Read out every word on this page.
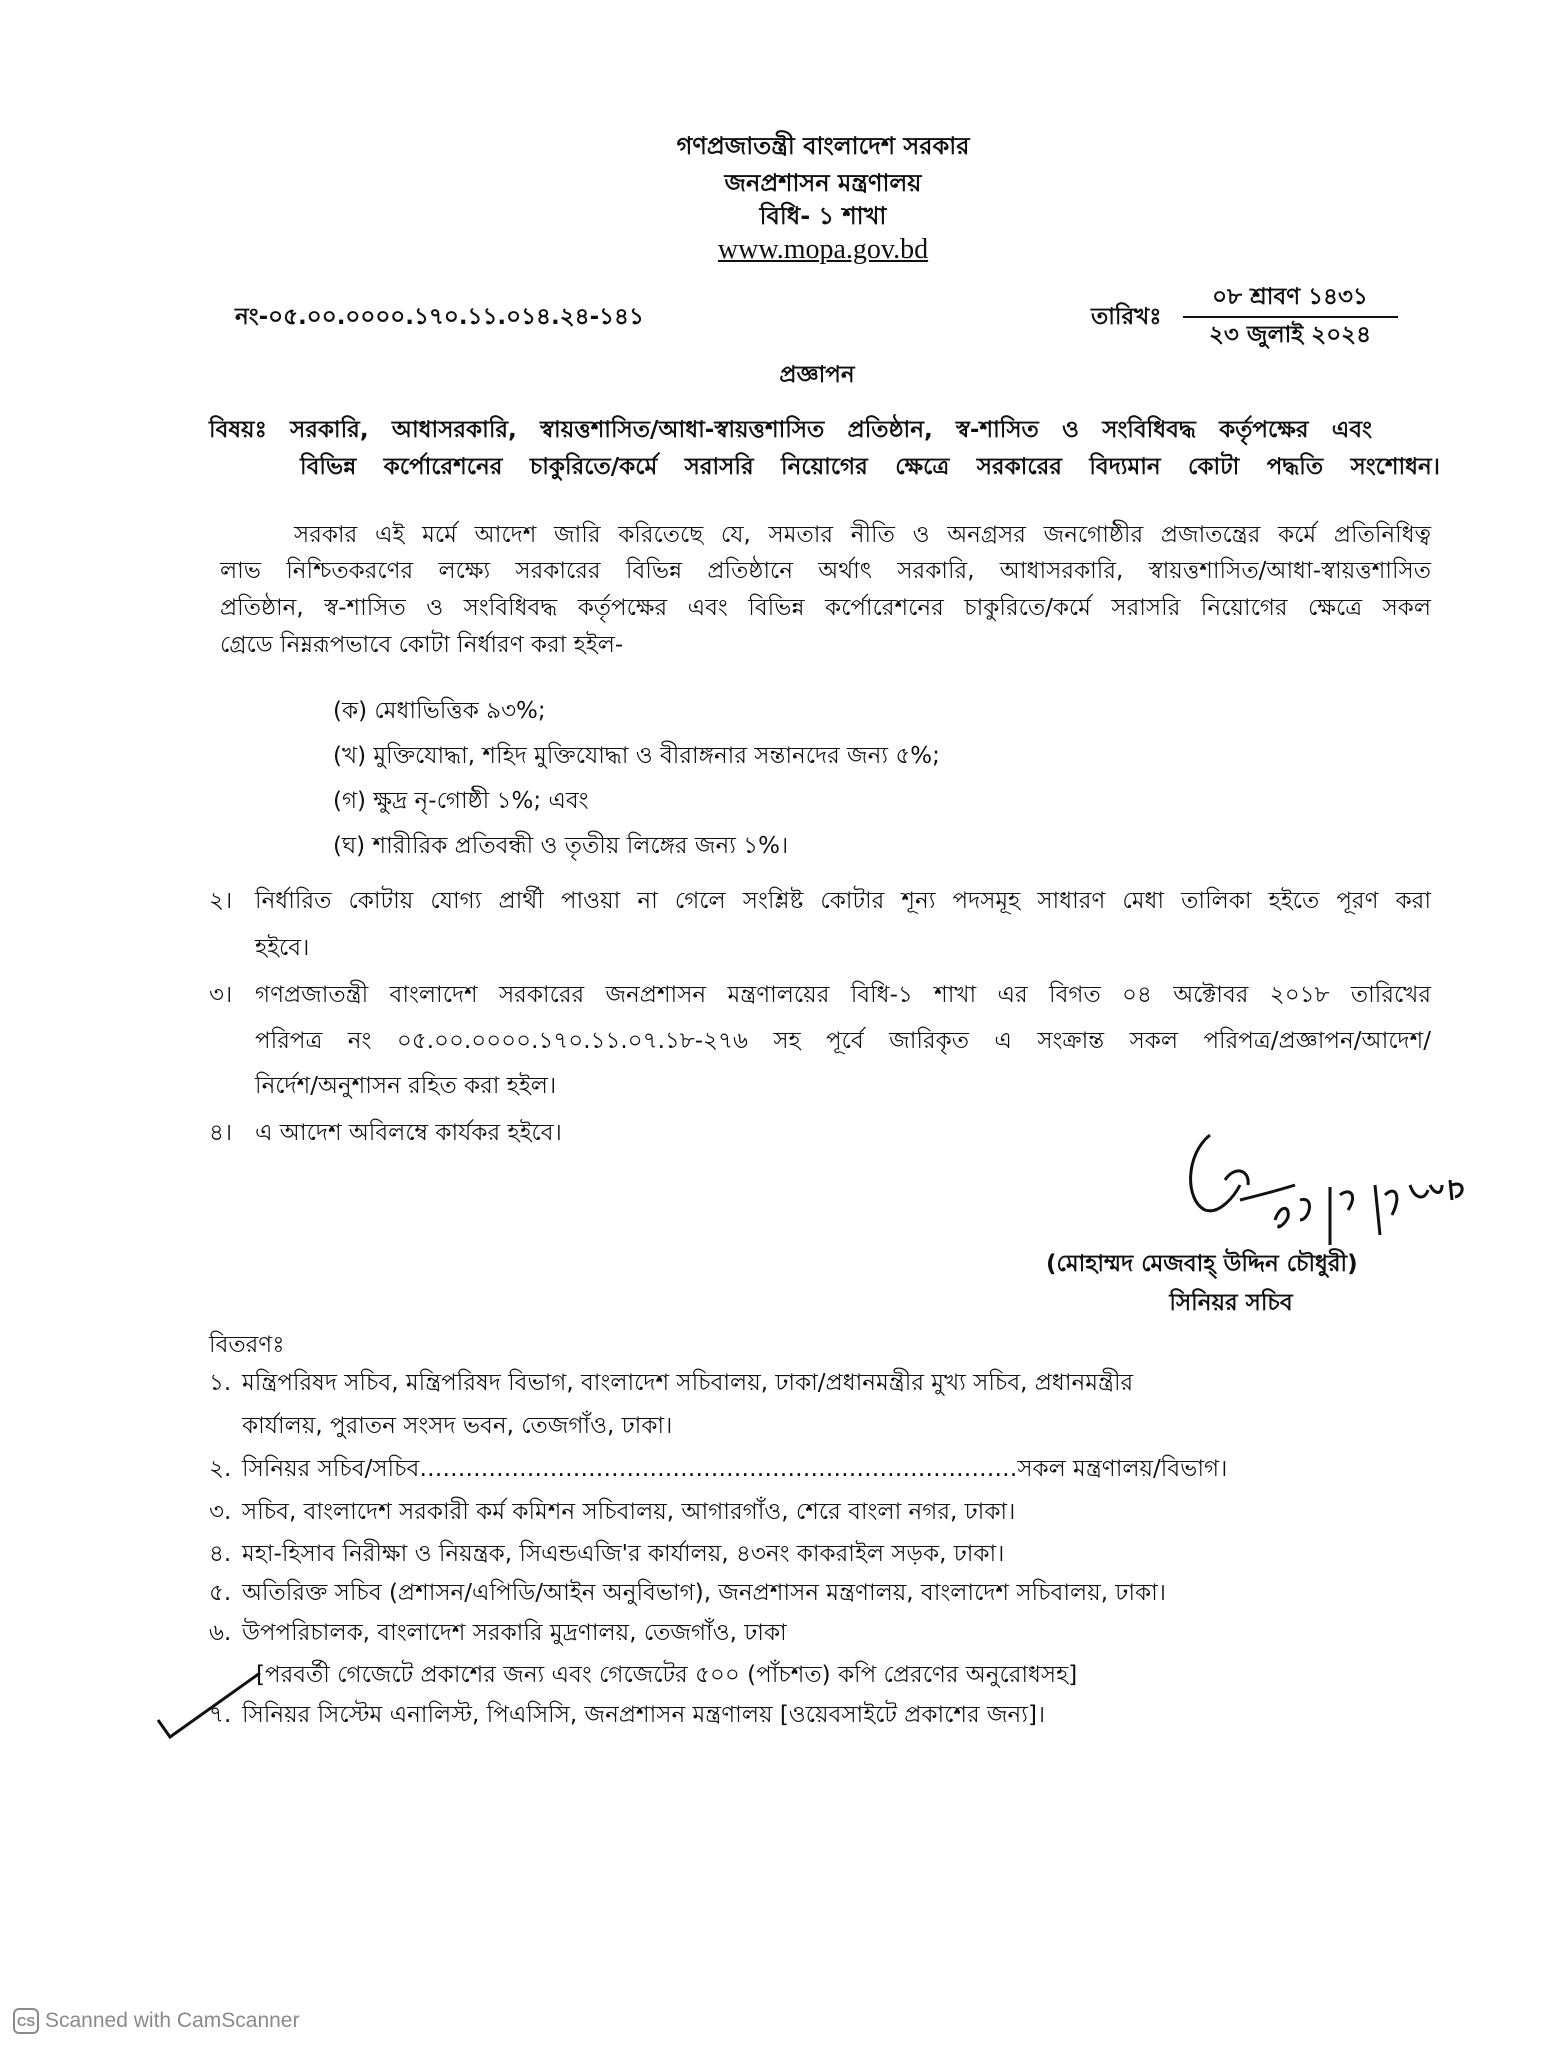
গণপ্রজাতন্ত্রী বাংলাদেশ সরকার
জনপ্রশাসন মন্ত্রণালয়
বিধি- ১ শাখা
www.mopa.gov.bd
নং-০৫.০০.০০০০.১৭০.১১.০১৪.২৪-১৪১	তারিখঃ
০৮ শ্রাবণ ১৪৩১
২৩ জুলাই ২০২৪
প্রজ্ঞাপন
বিষয়ঃ সরকারি, আধাসরকারি, স্বায়ত্তশাসিত/আধা-স্বায়ত্তশাসিত প্রতিষ্ঠান, স্ব-শাসিত ও সংবিধিবদ্ধ কর্তৃপক্ষের এবং
বিভিন্ন কর্পোরেশনের চাকুরিতে/কর্মে সরাসরি নিয়োগের ক্ষেত্রে সরকারের বিদ্যমান কোটা পদ্ধতি সংশোধন।
সরকার এই মর্মে আদেশ জারি করিতেছে যে, সমতার নীতি ও অনগ্রসর জনগোষ্ঠীর প্রজাতন্ত্রের কর্মে প্রতিনিধিত্ব
লাভ নিশ্চিতকরণের লক্ষ্যে সরকারের বিভিন্ন প্রতিষ্ঠানে অর্থাৎ সরকারি, আধাসরকারি, স্বায়ত্তশাসিত/আধা-স্বায়ত্তশাসিত
প্রতিষ্ঠান, স্ব-শাসিত ও সংবিধিবদ্ধ কর্তৃপক্ষের এবং বিভিন্ন কর্পোরেশনের চাকুরিতে/কর্মে সরাসরি নিয়োগের ক্ষেত্রে সকল
গ্রেডে নিম্নরূপভাবে কোটা নির্ধারণ করা হইল-
(ক) মেধাভিত্তিক ৯৩%;
(খ) মুক্তিযোদ্ধা, শহিদ মুক্তিযোদ্ধা ও বীরাঙ্গনার সন্তানদের জন্য ৫%;
(গ) ক্ষুদ্র নৃ-গোষ্ঠী ১%; এবং
(ঘ) শারীরিক প্রতিবন্ধী ও তৃতীয় লিঙ্গের জন্য ১%।
২। নির্ধারিত কোটায় যোগ্য প্রার্থী পাওয়া না গেলে সংশ্লিষ্ট কোটার শূন্য পদসমূহ সাধারণ মেধা তালিকা হইতে পূরণ করা
হইবে।
৩। গণপ্রজাতন্ত্রী বাংলাদেশ সরকারের জনপ্রশাসন মন্ত্রণালয়ের বিধি-১ শাখা এর বিগত ০৪ অক্টোবর ২০১৮ তারিখের
পরিপত্র নং ০৫.০০.০০০০.১৭০.১১.০৭.১৮-২৭৬ সহ পূর্বে জারিকৃত এ সংক্রান্ত সকল পরিপত্র/প্রজ্ঞাপন/আদেশ/
নির্দেশ/অনুশাসন রহিত করা হইল।
৪। এ আদেশ অবিলম্বে কার্যকর হইবে।
(মোহাম্মদ মেজবাহ্ উদ্দিন চৌধুরী)
সিনিয়র সচিব
বিতরণঃ
১. মন্ত্রিপরিষদ সচিব, মন্ত্রিপরিষদ বিভাগ, বাংলাদেশ সচিবালয়, ঢাকা/প্রধানমন্ত্রীর মুখ্য সচিব, প্রধানমন্ত্রীর
কার্যালয়, পুরাতন সংসদ ভবন, তেজগাঁও, ঢাকা।
২. সিনিয়র সচিব/সচিব……………………………………………………………………সকল মন্ত্রণালয়/বিভাগ।
৩. সচিব, বাংলাদেশ সরকারী কর্ম কমিশন সচিবালয়, আগারগাঁও, শেরে বাংলা নগর, ঢাকা।
৪. মহা-হিসাব নিরীক্ষা ও নিয়ন্ত্রক, সিএন্ডএজি'র কার্যালয়, ৪৩নং কাকরাইল সড়ক, ঢাকা।
৫. অতিরিক্ত সচিব (প্রশাসন/এপিডি/আইন অনুবিভাগ), জনপ্রশাসন মন্ত্রণালয়, বাংলাদেশ সচিবালয়, ঢাকা।
৬. উপপরিচালক, বাংলাদেশ সরকারি মুদ্রণালয়, তেজগাঁও, ঢাকা
[পরবর্তী গেজেটে প্রকাশের জন্য এবং গেজেটের ৫০০ (পাঁচশত) কপি প্রেরণের অনুরোধসহ]
৭. সিনিয়র সিস্টেম এনালিস্ট, পিএসিসি, জনপ্রশাসন মন্ত্রণালয় [ওয়েবসাইটে প্রকাশের জন্য]।
CS Scanned with CamScanner
